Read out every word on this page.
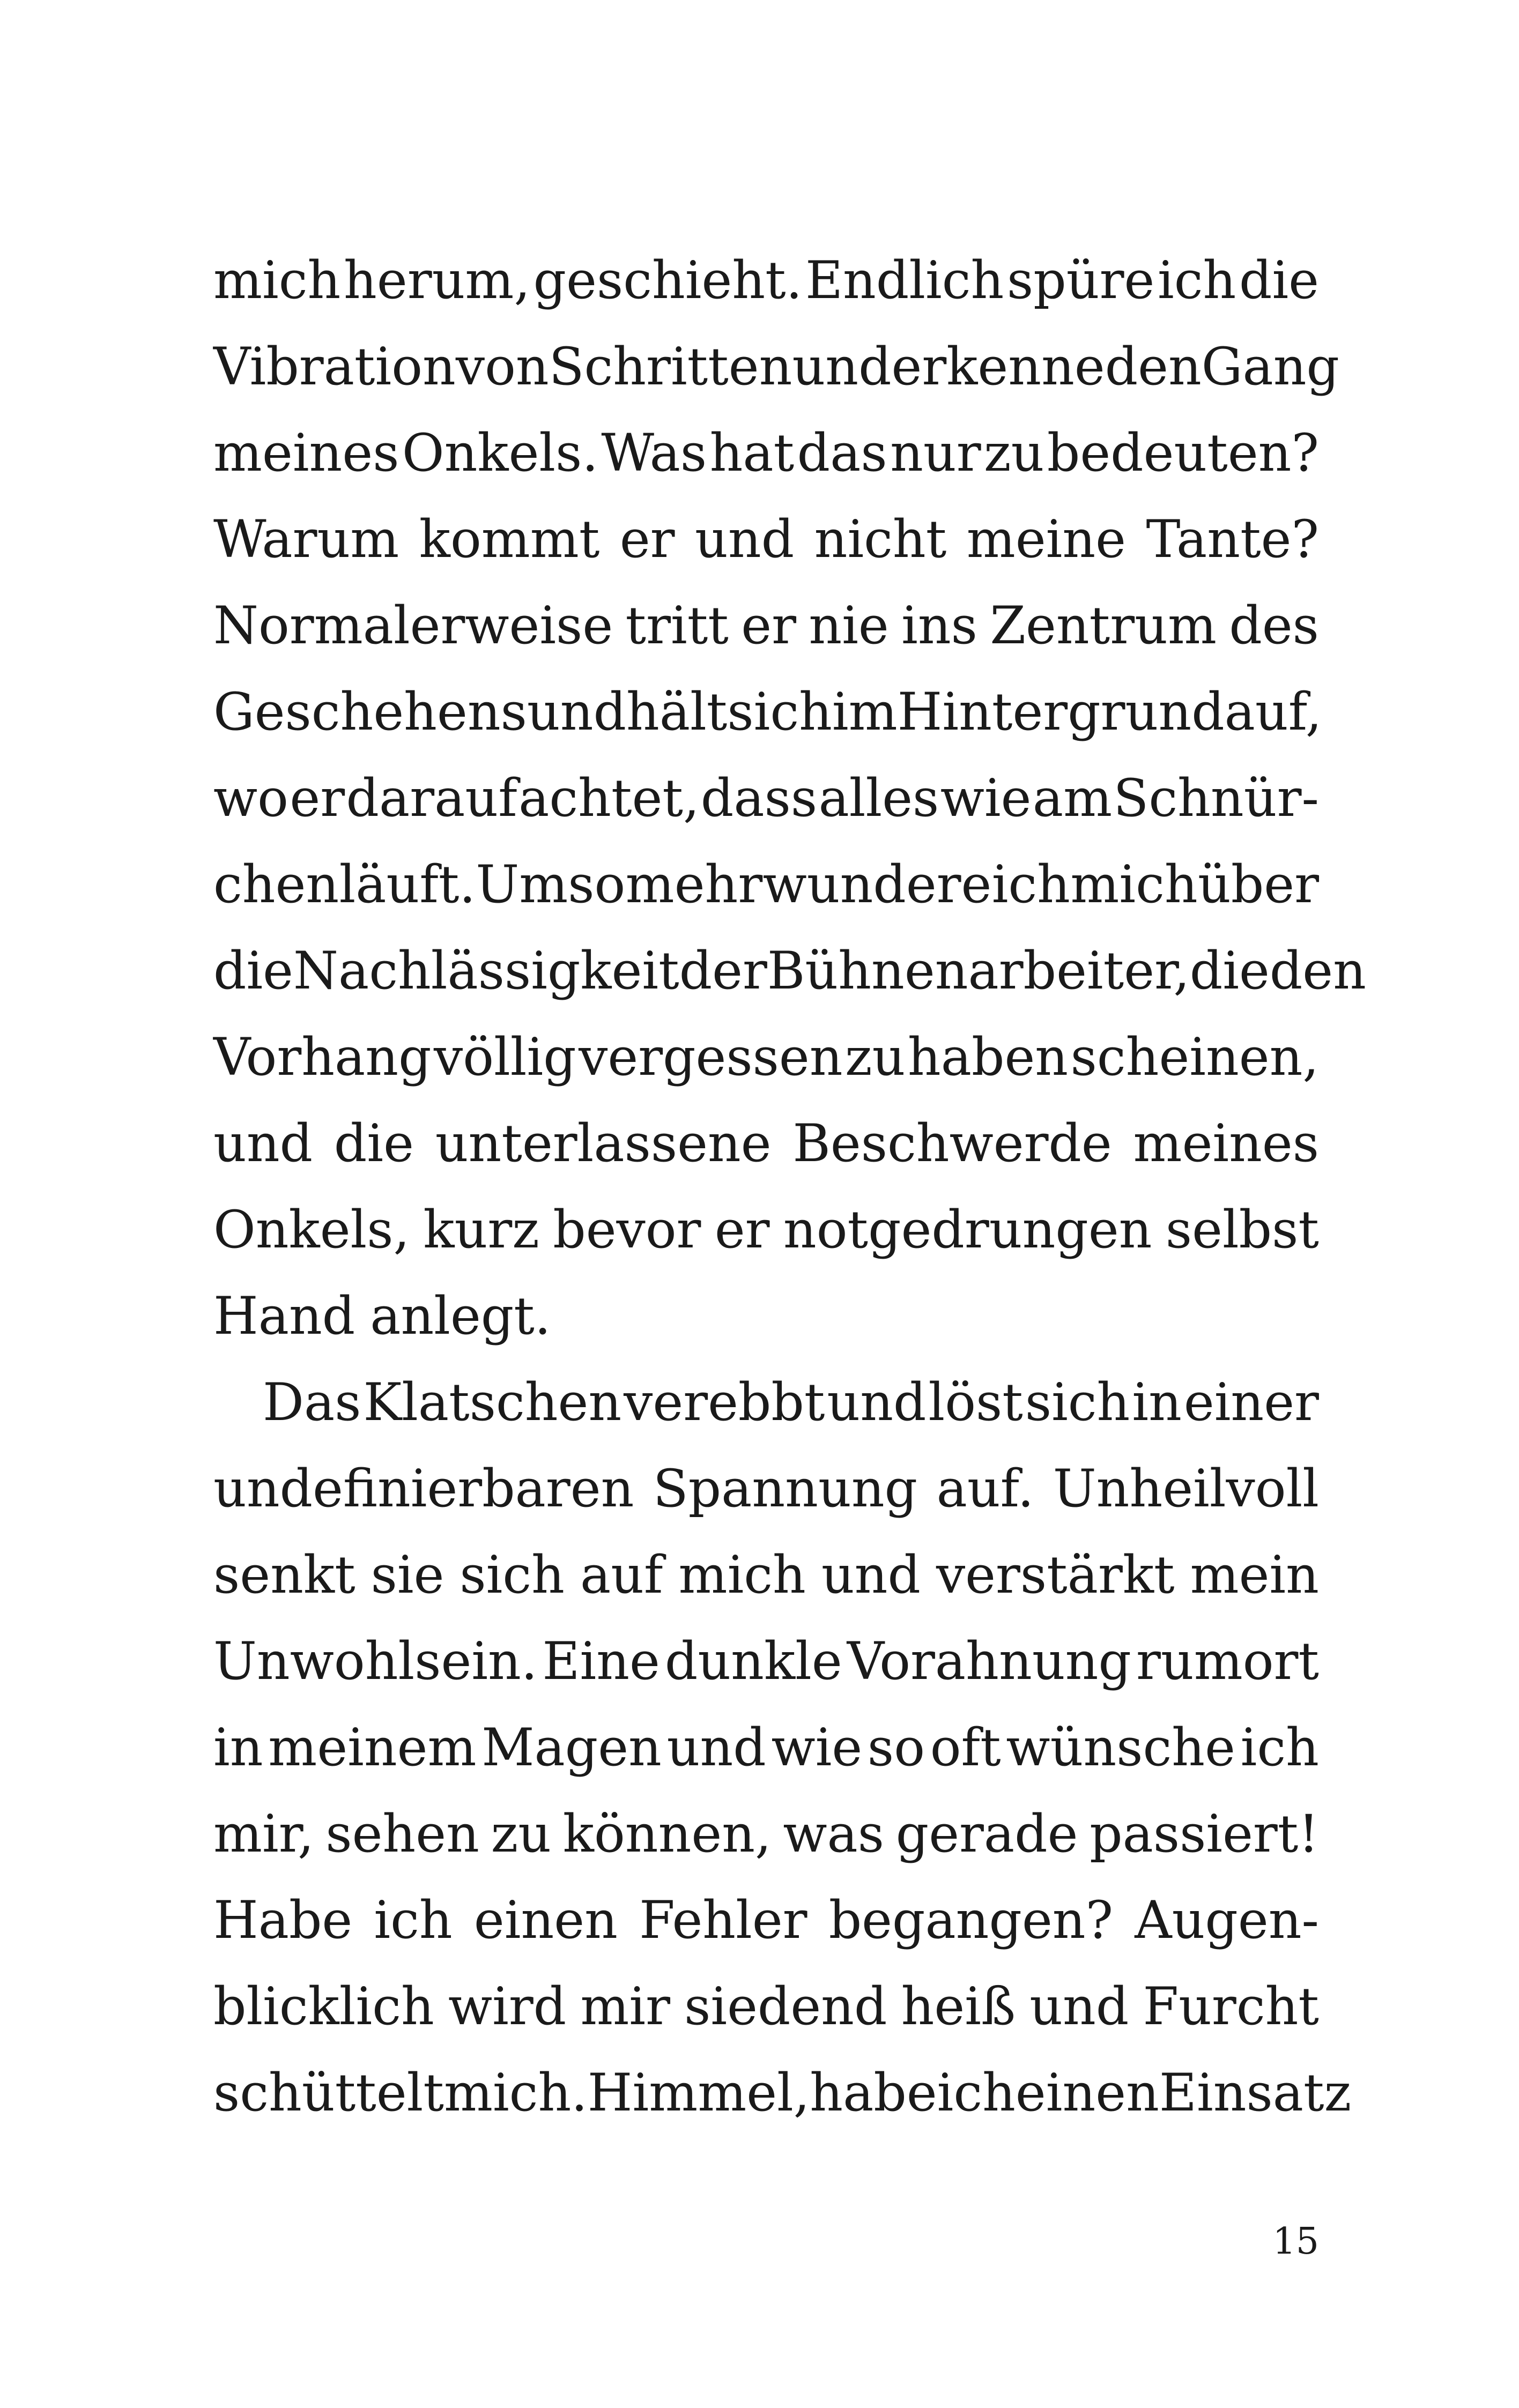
mich herum, geschieht. Endlich spüre ich die
Vibration von Schritten und erkenne den Gang
meines Onkels. Was hat das nur zu bedeuten?
Warum kommt er und nicht meine Tante?
Normalerweise tritt er nie ins Zentrum des
Geschehens und hält sich im Hintergrund auf,
wo er darauf achtet, dass alles wie am Schnür-
chen läuft. Umso mehr wundere ich mich über
die Nachlässigkeit der Bühnenarbeiter, die den
Vorhang völlig vergessen zu haben scheinen,
und die unterlassene Beschwerde meines
Onkels, kurz bevor er notgedrungen selbst
Hand anlegt.
Das Klatschen verebbt und löst sich in einer
undefinierbaren Spannung auf. Unheilvoll
senkt sie sich auf mich und verstärkt mein
Unwohlsein. Eine dunkle Vorahnung rumort
in meinem Magen und wie so oft wünsche ich
mir, sehen zu können, was gerade passiert!
Habe ich einen Fehler begangen? Augen-
blicklich wird mir siedend heiß und Furcht
schüttelt mich. Himmel, habe ich einen Einsatz
15
